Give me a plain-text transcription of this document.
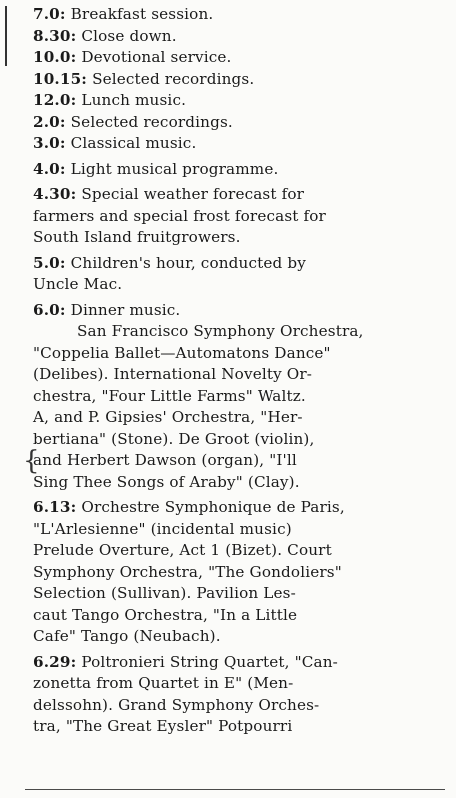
{
7.0: Breakfast session.
8.30: Close down.
10.0: Devotional service.
10.15: Selected recordings.
12.0: Lunch music.
2.0: Selected recordings.
3.0: Classical music.
4.0: Light musical programme.
4.30: Special weather forecast for
farmers and special frost forecast for
South Island fruitgrowers.
5.0: Children's hour, conducted by
Uncle Mac.
6.0: Dinner music.
San Francisco Symphony Orchestra,
"Coppelia Ballet—Automatons Dance"
(Delibes). International Novelty Or-
chestra, "Four Little Farms" Waltz.
A, and P. Gipsies' Orchestra, "Her-
bertiana" (Stone). De Groot (violin),
and Herbert Dawson (organ), "I'll
Sing Thee Songs of Araby" (Clay).
6.13: Orchestre Symphonique de Paris,
"L'Arlesienne" (incidental music)
Prelude Overture, Act 1 (Bizet). Court
Symphony Orchestra, "The Gondoliers"
Selection (Sullivan). Pavilion Les-
caut Tango Orchestra, "In a Little
Cafe" Tango (Neubach).
6.29: Poltronieri String Quartet, "Can-
zonetta from Quartet in E" (Men-
delssohn). Grand Symphony Orches-
tra, "The Great Eysler" Potpourri
